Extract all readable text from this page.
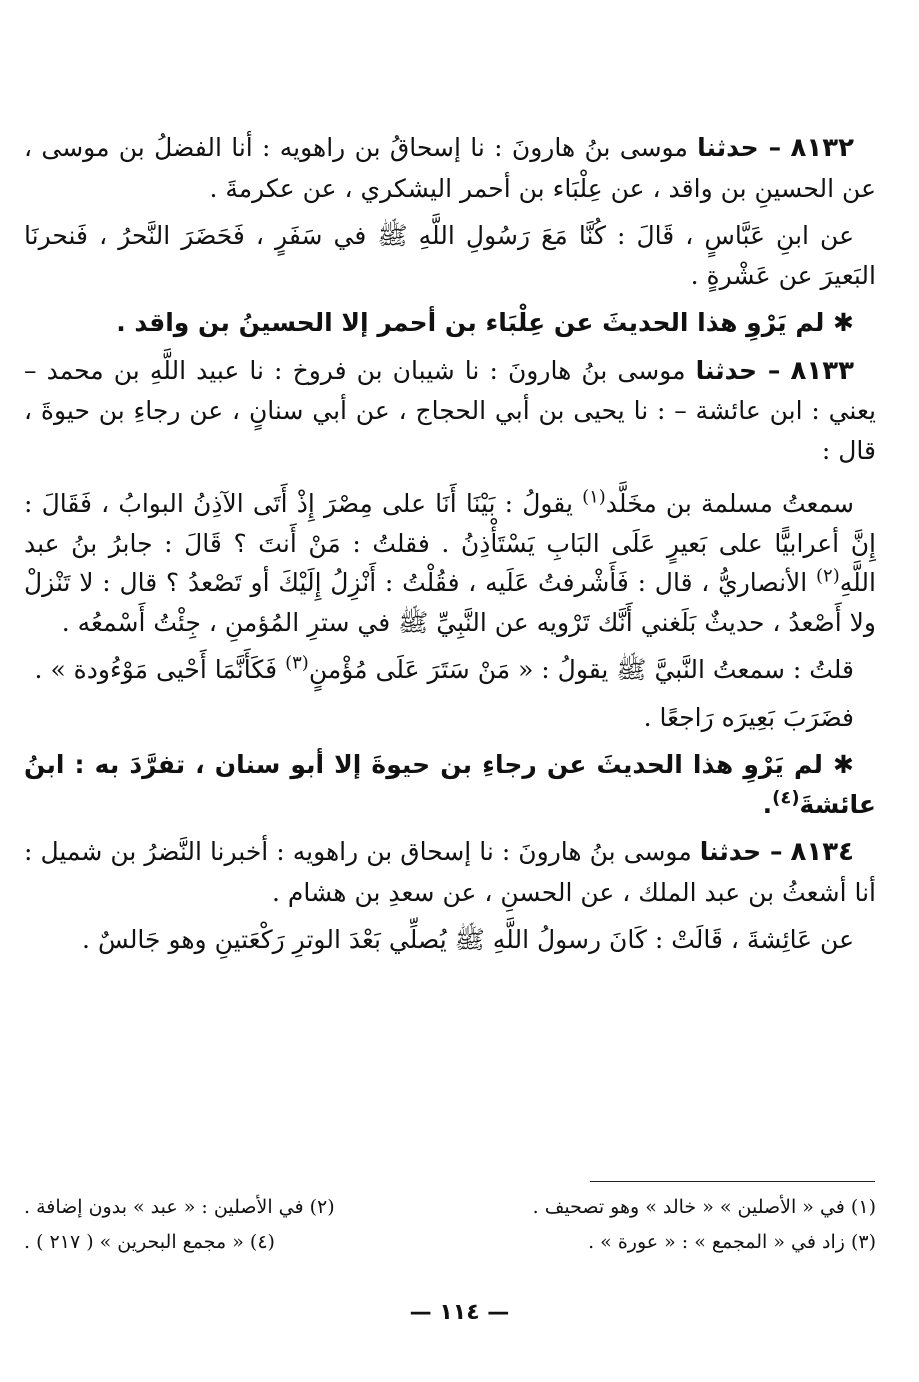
٨١٣٢ – حدثنا موسى بنُ هارونَ : نا إسحاقُ بن راهويه : أنا الفضلُ بن موسى ، عن الحسينِ بن واقد ، عن عِلْبَاء بن أحمر اليشكري ، عن عكرمةَ .

عن ابنِ عَبَّاسٍ ، قَالَ : كُنَّا مَعَ رَسُولِ اللَّهِ ﷺ في سَفَرٍ ، فَحَضَرَ النَّحرُ ، فَنحرنَا البَعيرَ عن عَشْرةٍ .

✱ لم يَرْوِ هذا الحديثَ عن عِلْبَاء بن أحمر إلا الحسينُ بن واقد .

٨١٣٣ – حدثنا موسى بنُ هارونَ : نا شيبان بن فروخ : نا عبيد اللَّهِ بن محمد – يعني : ابن عائشة – : نا يحيى بن أبي الحجاج ، عن أبي سنانٍ ، عن رجاءِ بن حيوةَ ، قال :

سمعتُ مسلمة بن مخَلَّد$^{(١)}$ يقولُ : بَيْنَا أَنَا على مِصْرَ إِذْ أَتَى الآذِنُ البوابُ ، فَقَالَ : إِنَّ أعرابيًّا على بَعيرٍ عَلَى البَابِ يَسْتَأْذِنُ . فقلتُ : مَنْ أَنتَ ؟ قَالَ : جابرُ بنُ عبد اللَّهِ$^{(٢)}$ الأنصاريُّ ، قال : فَأَشْرفتُ عَلَيه ، فقُلْتُ : أَنْزِلُ إِلَيْكَ أو تَصْعدُ ؟ قال : لا تَنْزلْ ولا أَصْعدُ ، حديثٌ بَلَغني أَنَّك تَرْويه عن النَّبِيِّ ﷺ في سترِ المُؤمنِ ، جِئْتُ أَسْمعُه .

قلتُ : سمعتُ النَّبيَّ ﷺ يقولُ : « مَنْ سَتَرَ عَلَى مُؤْمنٍ$^{(٣)}$ فَكَأَنَّمَا أَحْيى مَوْءُودة » .

فضَرَبَ بَعِيرَه رَاجعًا .

✱ لم يَرْوِ هذا الحديثَ عن رجاءِ بن حيوةَ إلا أبو سنان ، تفرَّدَ به : ابنُ عائشةَ$^{(٤)}$.

٨١٣٤ – حدثنا موسى بنُ هارونَ : نا إسحاق بن راهويه : أخبرنا النَّضرُ بن شميل : أنا أشعثُ بن عبد الملك ، عن الحسنِ ، عن سعدِ بن هشام .

عن عَائِشةَ ، قَالَتْ : كَانَ رسولُ اللَّهِ ﷺ يُصلِّي بَعْدَ الوترِ رَكْعَتينِ وهو جَالسٌ .

(١) في « الأصلين » « خالد » وهو تصحيف .
(٢) في الأصلين : « عبد » بدون إضافة .
(٣) زاد في « المجمع » : « عورة » .
(٤) « مجمع البحرين » ( ٢١٧ ) .
— ١١٤ —
